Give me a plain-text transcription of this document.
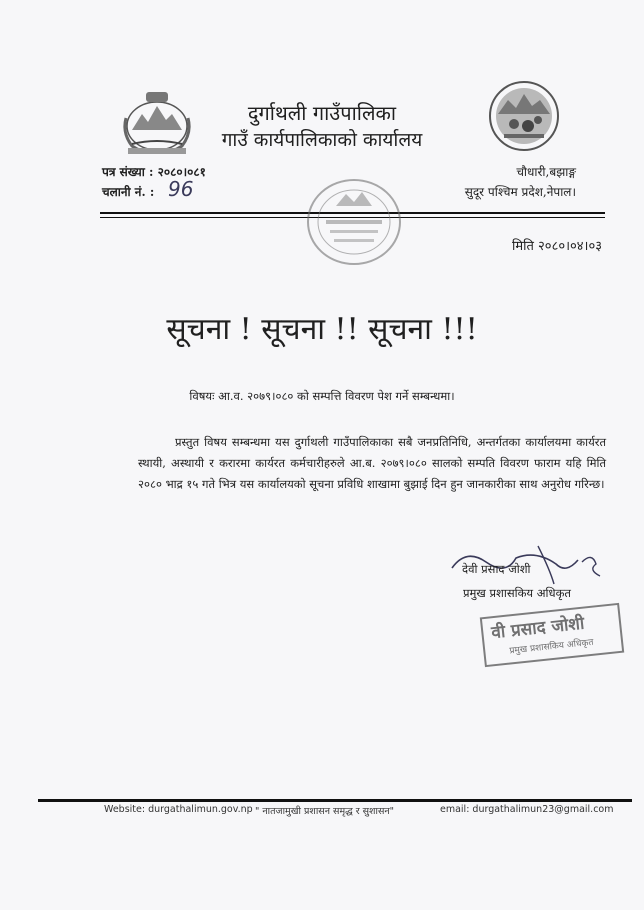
दुर्गाथली गाउँपालिका
गाउँ कार्यपालिकाको कार्यालय
पत्र संख्या : २०८०।०८१
चलानी नं. : 96
चौधारी,बझाङ्ग
सुदूर पश्चिम प्रदेश,नेपाल।
मिति २०८०।०४।०३
सूचना ! सूचना !! सूचना !!!
विषयः आ.व. २०७९।०८० को सम्पत्ति विवरण पेश गर्ने सम्बन्धमा।
प्रस्तुत विषय सम्बन्धमा यस दुर्गाथली गाउँपालिकाका सबै जनप्रतिनिधि, अन्तर्गतका कार्यालयमा कार्यरत स्थायी, अस्थायी र करारमा कार्यरत कर्मचारीहरुले आ.ब. २०७९।०८० सालको सम्पति विवरण फाराम यहि मिति २०८० भाद्र १५ गते भित्र यस कार्यालयको सूचना प्रविधि शाखामा बुझाई दिन हुन जानकारीका साथ अनुरोध गरिन्छ।
देवी प्रसाद जोशी
प्रमुख प्रशासकिय अधिकृत
वी प्रसाद जोशी
प्रमुख प्रशासकिय अधिकृत
Website: durgathalimun.gov.np " नातजामुखी प्रशासन समृद्ध र सुशासन"	email: durgathalimun23@gmail.com
